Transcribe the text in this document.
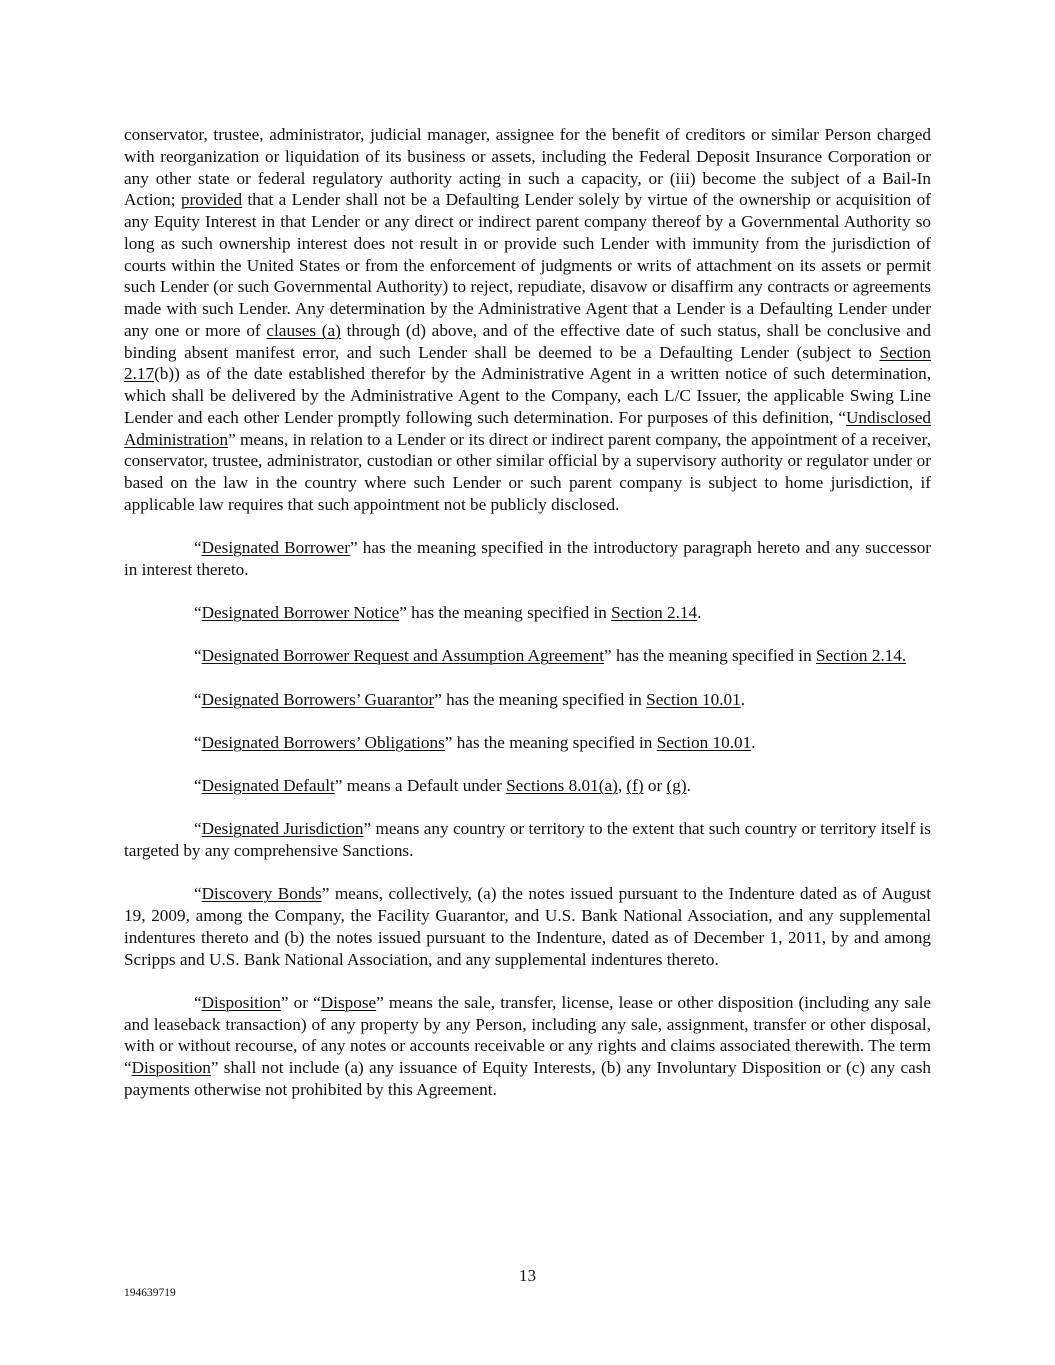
conservator, trustee, administrator, judicial manager, assignee for the benefit of creditors or similar Person charged with reorganization or liquidation of its business or assets, including the Federal Deposit Insurance Corporation or any other state or federal regulatory authority acting in such a capacity, or (iii) become the subject of a Bail-In Action; provided that a Lender shall not be a Defaulting Lender solely by virtue of the ownership or acquisition of any Equity Interest in that Lender or any direct or indirect parent company thereof by a Governmental Authority so long as such ownership interest does not result in or provide such Lender with immunity from the jurisdiction of courts within the United States or from the enforcement of judgments or writs of attachment on its assets or permit such Lender (or such Governmental Authority) to reject, repudiate, disavow or disaffirm any contracts or agreements made with such Lender. Any determination by the Administrative Agent that a Lender is a Defaulting Lender under any one or more of clauses (a) through (d) above, and of the effective date of such status, shall be conclusive and binding absent manifest error, and such Lender shall be deemed to be a Defaulting Lender (subject to Section 2.17(b)) as of the date established therefor by the Administrative Agent in a written notice of such determination, which shall be delivered by the Administrative Agent to the Company, each L/C Issuer, the applicable Swing Line Lender and each other Lender promptly following such determination. For purposes of this definition, “Undisclosed Administration” means, in relation to a Lender or its direct or indirect parent company, the appointment of a receiver, conservator, trustee, administrator, custodian or other similar official by a supervisory authority or regulator under or based on the law in the country where such Lender or such parent company is subject to home jurisdiction, if applicable law requires that such appointment not be publicly disclosed.

“Designated Borrower” has the meaning specified in the introductory paragraph hereto and any successor in interest thereto.

“Designated Borrower Notice” has the meaning specified in Section 2.14.

“Designated Borrower Request and Assumption Agreement” has the meaning specified in Section 2.14.

“Designated Borrowers’ Guarantor” has the meaning specified in Section 10.01.

“Designated Borrowers’ Obligations” has the meaning specified in Section 10.01.

“Designated Default” means a Default under Sections 8.01(a), (f) or (g).

“Designated Jurisdiction” means any country or territory to the extent that such country or territory itself is targeted by any comprehensive Sanctions.

“Discovery Bonds” means, collectively, (a) the notes issued pursuant to the Indenture dated as of August 19, 2009, among the Company, the Facility Guarantor, and U.S. Bank National Association, and any supplemental indentures thereto and (b) the notes issued pursuant to the Indenture, dated as of December 1, 2011, by and among Scripps and U.S. Bank National Association, and any supplemental indentures thereto.

“Disposition” or “Dispose” means the sale, transfer, license, lease or other disposition (including any sale and leaseback transaction) of any property by any Person, including any sale, assignment, transfer or other disposal, with or without recourse, of any notes or accounts receivable or any rights and claims associated therewith. The term “Disposition” shall not include (a) any issuance of Equity Interests, (b) any Involuntary Disposition or (c) any cash payments otherwise not prohibited by this Agreement.

13
194639719
